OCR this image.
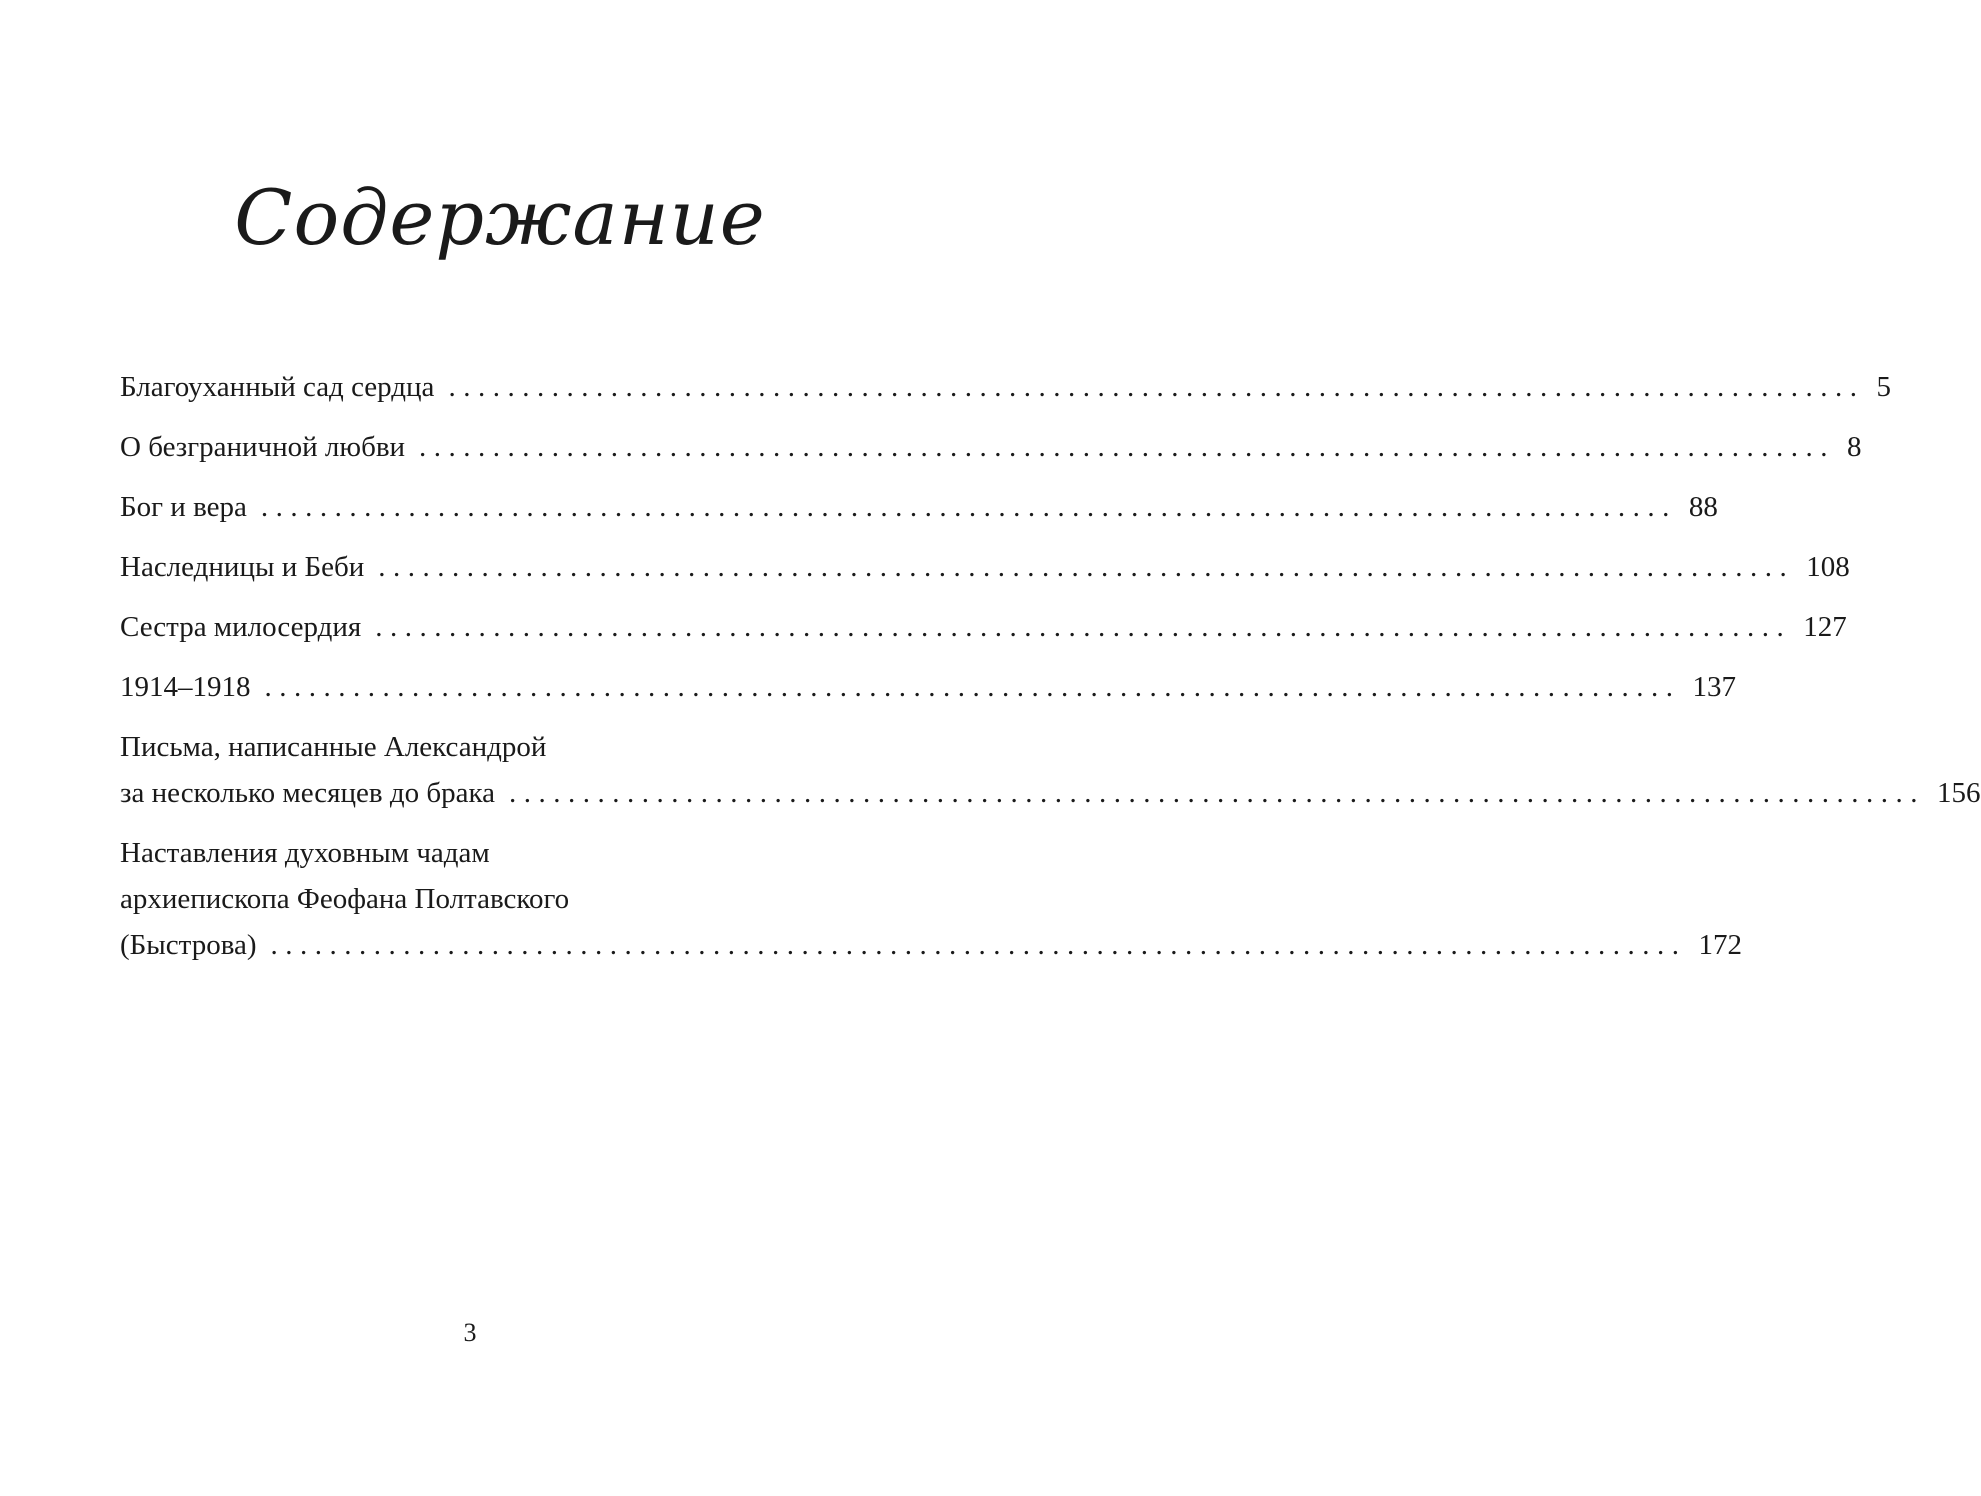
Содержание
Благоуханный сад сердца ................................................................................................ 5
О безграничной любви ................................................................................................ 8
Бог и вера ................................................................................................ 88
Наследницы и Беби ................................................................................................ 108
Сестра милосердия ................................................................................................ 127
1914–1918 ................................................................................................ 137
Письма, написанные Александрой
за несколько месяцев до брака ................................................................................................ 156
Наставления духовным чадам
архиепископа Феофана Полтавского
(Быстрова) ................................................................................................ 172
3
